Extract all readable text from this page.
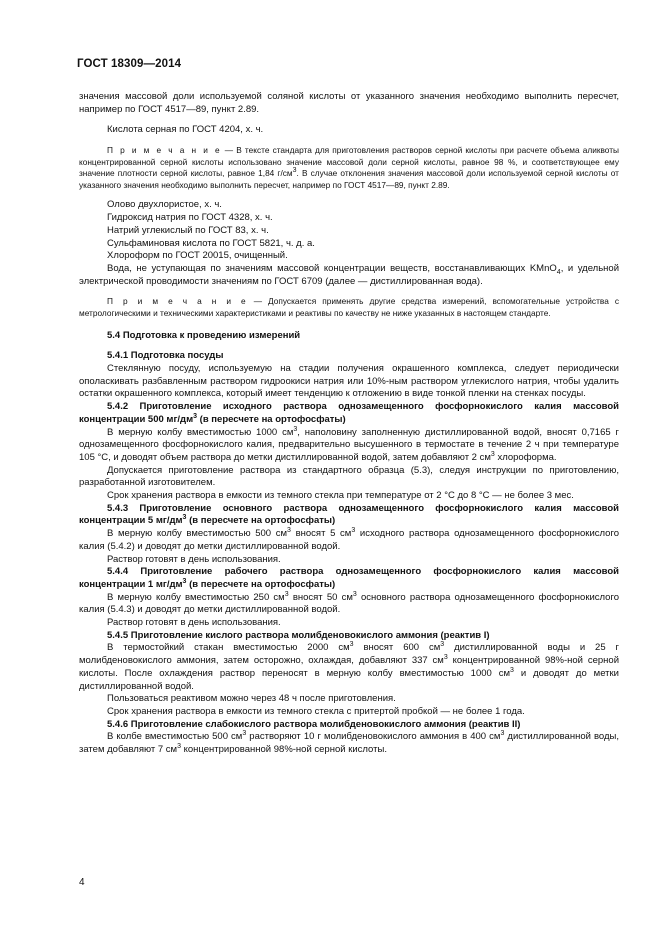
ГОСТ 18309—2014

значения массовой доли используемой соляной кислоты от указанного значения необходимо выполнить пересчет, например по ГОСТ 4517—89, пункт 2.89.

Кислота серная по ГОСТ 4204, х. ч.

П р и м е ч а н и е — В тексте стандарта для приготовления растворов серной кислоты при расчете объема аликвоты концентрированной серной кислоты использовано значение массовой доли серной кислоты, равное 98 %, и соответствующее ему значение плотности серной кислоты, равное 1,84 $г/см^3$. В случае отклонения значения массовой доли используемой серной кислоты от указанного значения необходимо выполнить пересчет, например по ГОСТ 4517—89, пункт 2.89.

Олово двухлористое, х. ч.
Гидроксид натрия по ГОСТ 4328, х. ч.
Натрий углекислый по ГОСТ 83, х. ч.
Сульфаминовая кислота по ГОСТ 5821, ч. д. а.
Хлороформ по ГОСТ 20015, очищенный.

Вода, не уступающая по значениям массовой концентрации веществ, восстанавливающих KMnO$_4$, и удельной электрической проводимости значениям по ГОСТ 6709 (далее — дистиллированная вода).

П р и м е ч а н и е — Допускается применять другие средства измерений, вспомогательные устройства с метрологическими и техническими характеристиками и реактивы по качеству не ниже указанных в настоящем стандарте.

5.4 Подготовка к проведению измерений

5.4.1 Подготовка посуды

Стеклянную посуду, используемую на стадии получения окрашенного комплекса, следует периодически ополаскивать разбавленным раствором гидроокиси натрия или 10%-ным раствором углекислого натрия, чтобы удалить остатки окрашенного комплекса, который имеет тенденцию к отложению в виде тонкой пленки на стенках посуды.

5.4.2 Приготовление исходного раствора однозамещенного фосфорнокислого калия массовой концентрации 500 $мг/дм^3$ (в пересчете на ортофосфаты)

В мерную колбу вместимостью 1000 $см^3$, наполовину заполненную дистиллированной водой, вносят 0,7165 г однозамещенного фосфорнокислого калия, предварительно высушенного в термостате в течение 2 ч при температуре 105 °С, и доводят объем раствора до метки дистиллированной водой, затем добавляют 2 $см^3$ хлороформа.

Допускается приготовление раствора из стандартного образца (5.3), следуя инструкции по приготовлению, разработанной изготовителем.

Срок хранения раствора в емкости из темного стекла при температуре от 2 °С до 8 °С — не более 3 мес.

5.4.3 Приготовление основного раствора однозамещенного фосфорнокислого калия массовой концентрации 5 $мг/дм^3$ (в пересчете на ортофосфаты)

В мерную колбу вместимостью 500 $см^3$ вносят 5 $см^3$ исходного раствора однозамещенного фосфорнокислого калия (5.4.2) и доводят до метки дистиллированной водой.

Раствор готовят в день использования.

5.4.4 Приготовление рабочего раствора однозамещенного фосфорнокислого калия массовой концентрации 1 $мг/дм^3$ (в пересчете на ортофосфаты)

В мерную колбу вместимостью 250 $см^3$ вносят 50 $см^3$ основного раствора однозамещенного фосфорнокислого калия (5.4.3) и доводят до метки дистиллированной водой.

Раствор готовят в день использования.

5.4.5 Приготовление кислого раствора молибденовокислого аммония (реактив I)

В термостойкий стакан вместимостью 2000 $см^3$ вносят 600 $см^3$ дистиллированной воды и 25 г молибденовокислого аммония, затем осторожно, охлаждая, добавляют 337 $см^3$ концентрированной 98%-ной серной кислоты. После охлаждения раствор переносят в мерную колбу вместимостью 1000 $см^3$ и доводят до метки дистиллированной водой.

Пользоваться реактивом можно через 48 ч после приготовления.

Срок хранения раствора в емкости из темного стекла с притертой пробкой — не более 1 года.

5.4.6 Приготовление слабокислого раствора молибденовокислого аммония (реактив II)

В колбе вместимостью 500 $см^3$ растворяют 10 г молибденовокислого аммония в 400 $см^3$ дистиллированной воды, затем добавляют 7 $см^3$ концентрированной 98%-ной серной кислоты.

4
